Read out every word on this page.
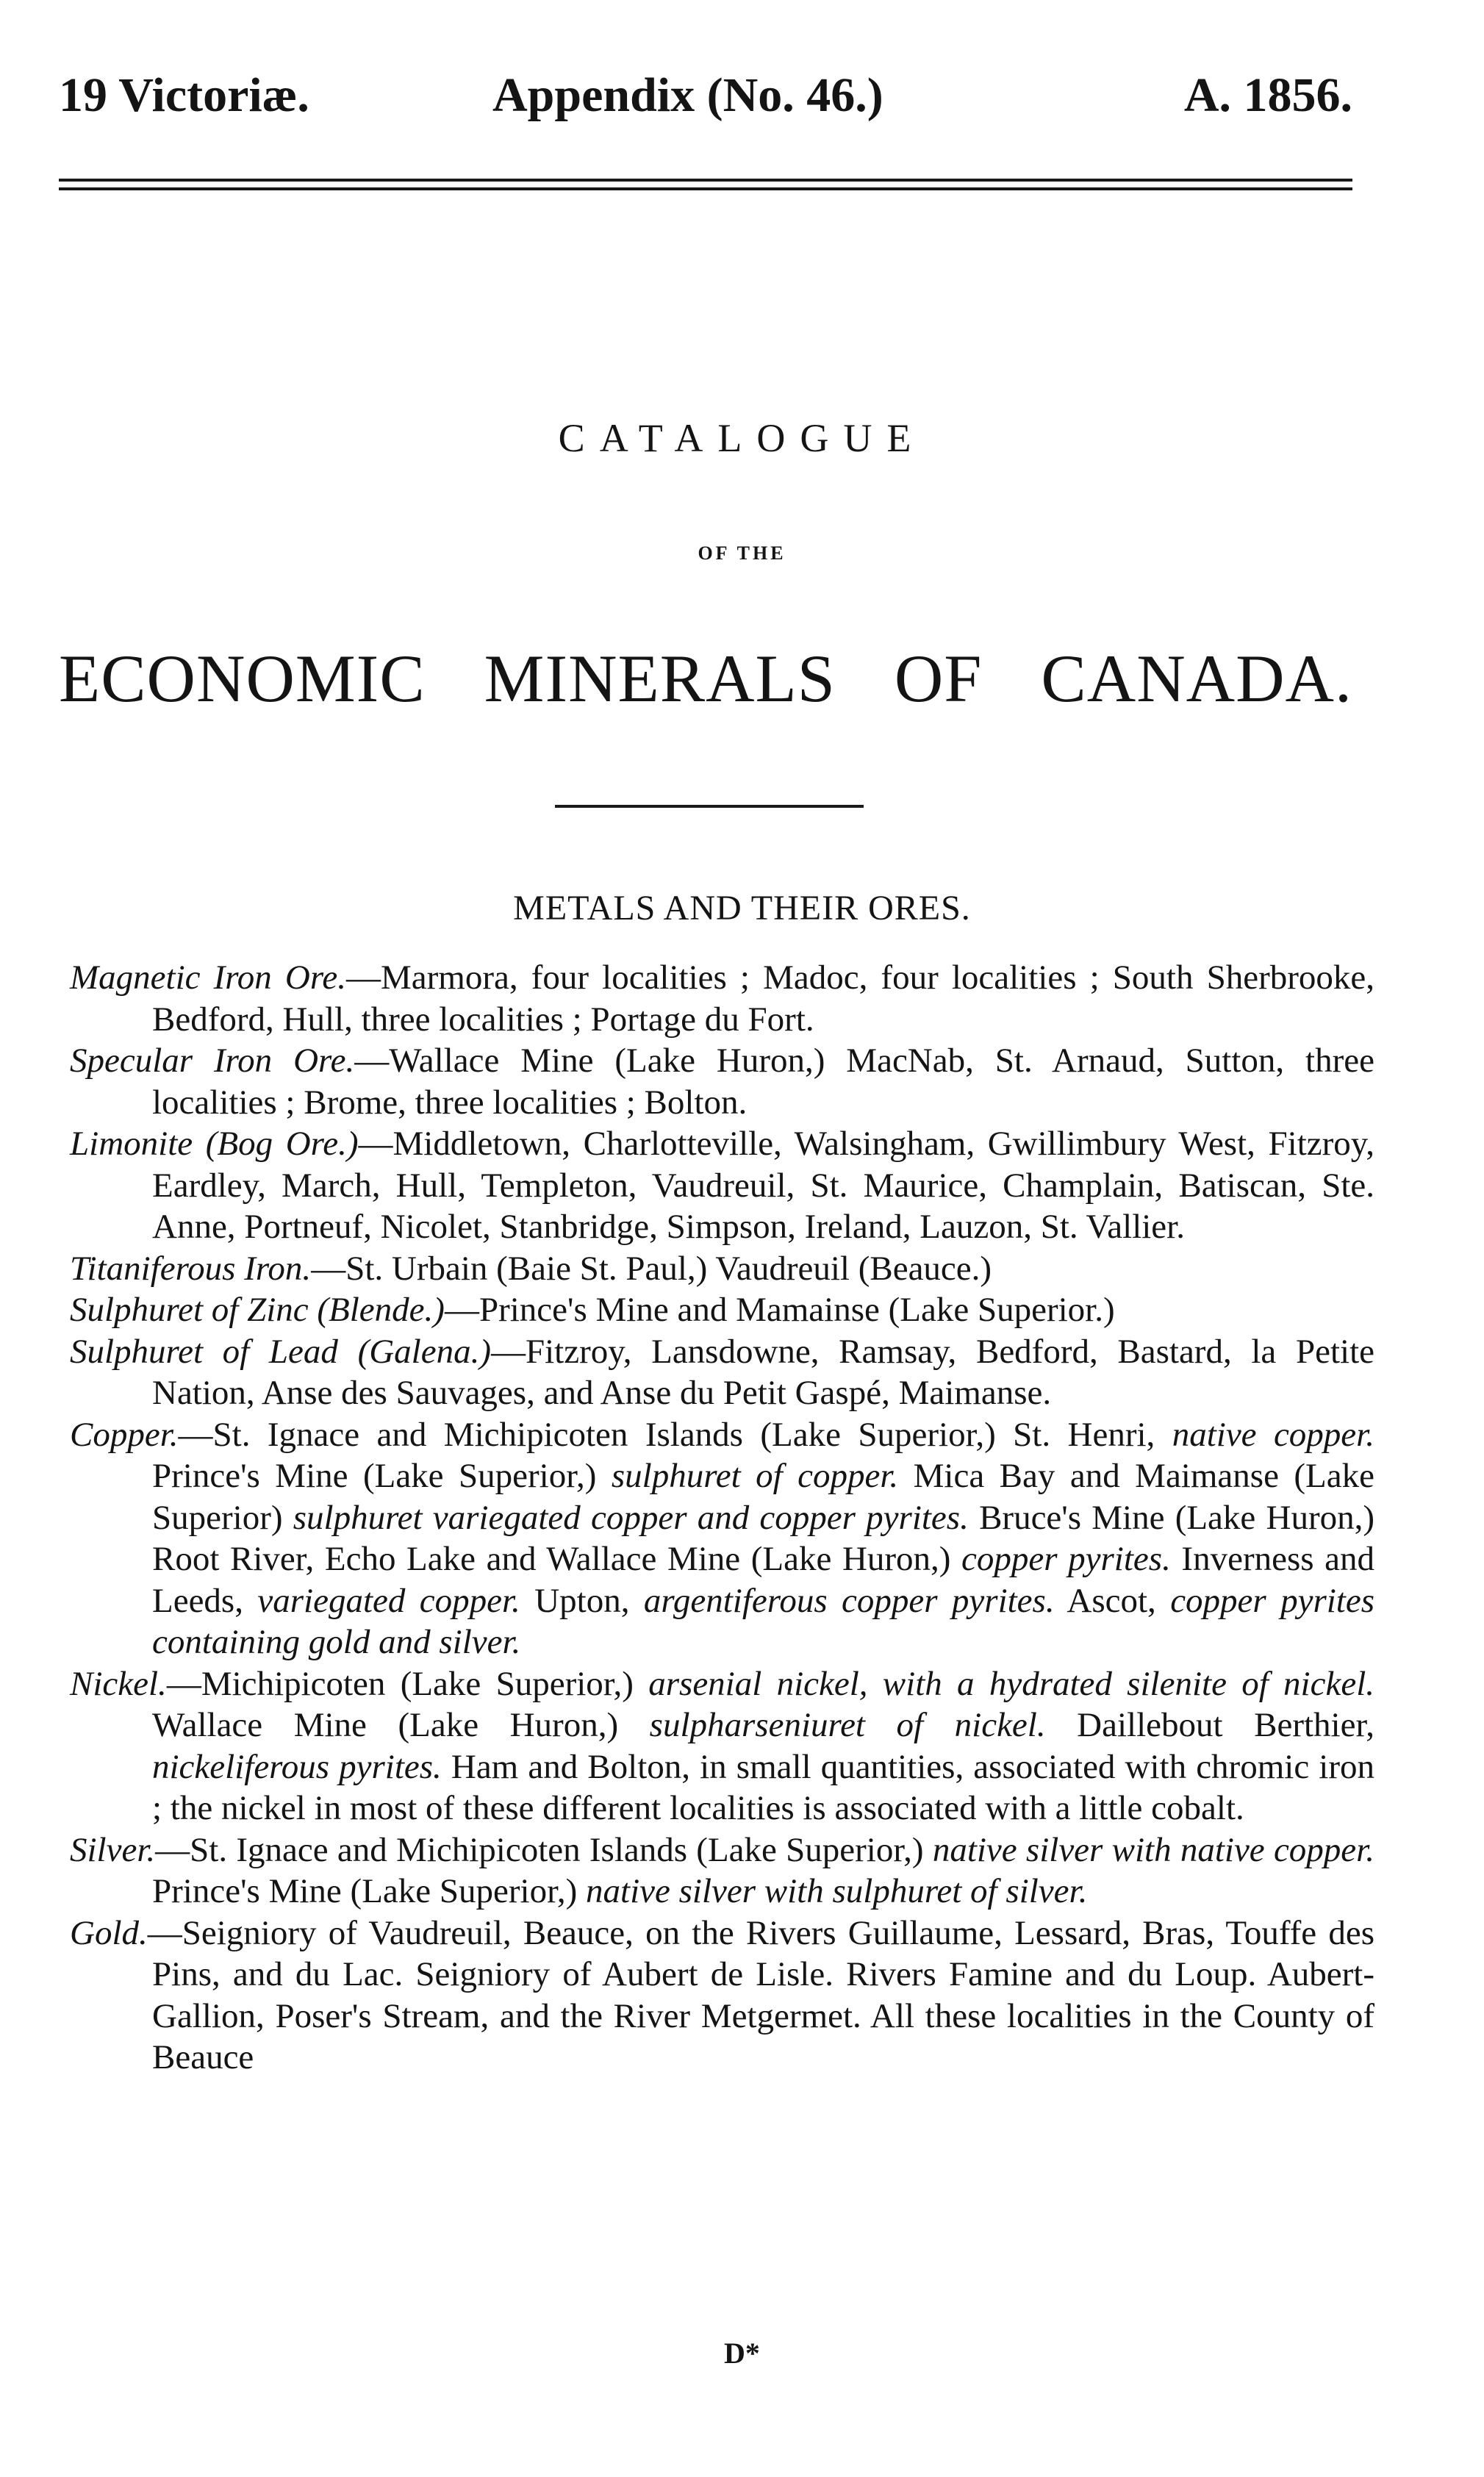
19 Victoriæ.	Appendix (No. 46.)	A. 1856.
CATALOGUE
OF THE
ECONOMIC MINERALS OF CANADA.
METALS AND THEIR ORES.

Magnetic Iron Ore.—Marmora, four localities ; Madoc, four localities ; South Sherbrooke, Bedford, Hull, three localities ; Portage du Fort.

Specular Iron Ore.—Wallace Mine (Lake Huron,) MacNab, St. Arnaud, Sutton, three localities ; Brome, three localities ; Bolton.

Limonite (Bog Ore.)—Middletown, Charlotteville, Walsingham, Gwillimbury West, Fitzroy, Eardley, March, Hull, Templeton, Vaudreuil, St. Maurice, Champlain, Batiscan, Ste. Anne, Portneuf, Nicolet, Stanbridge, Simpson, Ireland, Lauzon, St. Vallier.

Titaniferous Iron.—St. Urbain (Baie St. Paul,) Vaudreuil (Beauce.)

Sulphuret of Zinc (Blende.)—Prince's Mine and Mamainse (Lake Superior.)

Sulphuret of Lead (Galena.)—Fitzroy, Lansdowne, Ramsay, Bedford, Bastard, la Petite Nation, Anse des Sauvages, and Anse du Petit Gaspé, Maimanse.

Copper.—St. Ignace and Michipicoten Islands (Lake Superior,) St. Henri, native copper. Prince's Mine (Lake Superior,) sulphuret of copper. Mica Bay and Maimanse (Lake Superior) sulphuret variegated copper and copper pyrites. Bruce's Mine (Lake Huron,) Root River, Echo Lake and Wallace Mine (Lake Huron,) copper pyrites. Inverness and Leeds, variegated copper. Upton, argentiferous copper pyrites. Ascot, copper pyrites containing gold and silver.

Nickel.—Michipicoten (Lake Superior,) arsenial nickel, with a hydrated silenite of nickel. Wallace Mine (Lake Huron,) sulpharseniuret of nickel. Daillebout Berthier, nickeliferous pyrites. Ham and Bolton, in small quantities, associated with chromic iron ; the nickel in most of these different localities is associated with a little cobalt.

Silver.—St. Ignace and Michipicoten Islands (Lake Superior,) native silver with native copper. Prince's Mine (Lake Superior,) native silver with sulphuret of silver.

Gold.—Seigniory of Vaudreuil, Beauce, on the Rivers Guillaume, Lessard, Bras, Touffe des Pins, and du Lac. Seigniory of Aubert de Lisle. Rivers Famine and du Loup. Aubert-Gallion, Poser's Stream, and the River Metgermet. All these localities in the County of Beauce

D*
